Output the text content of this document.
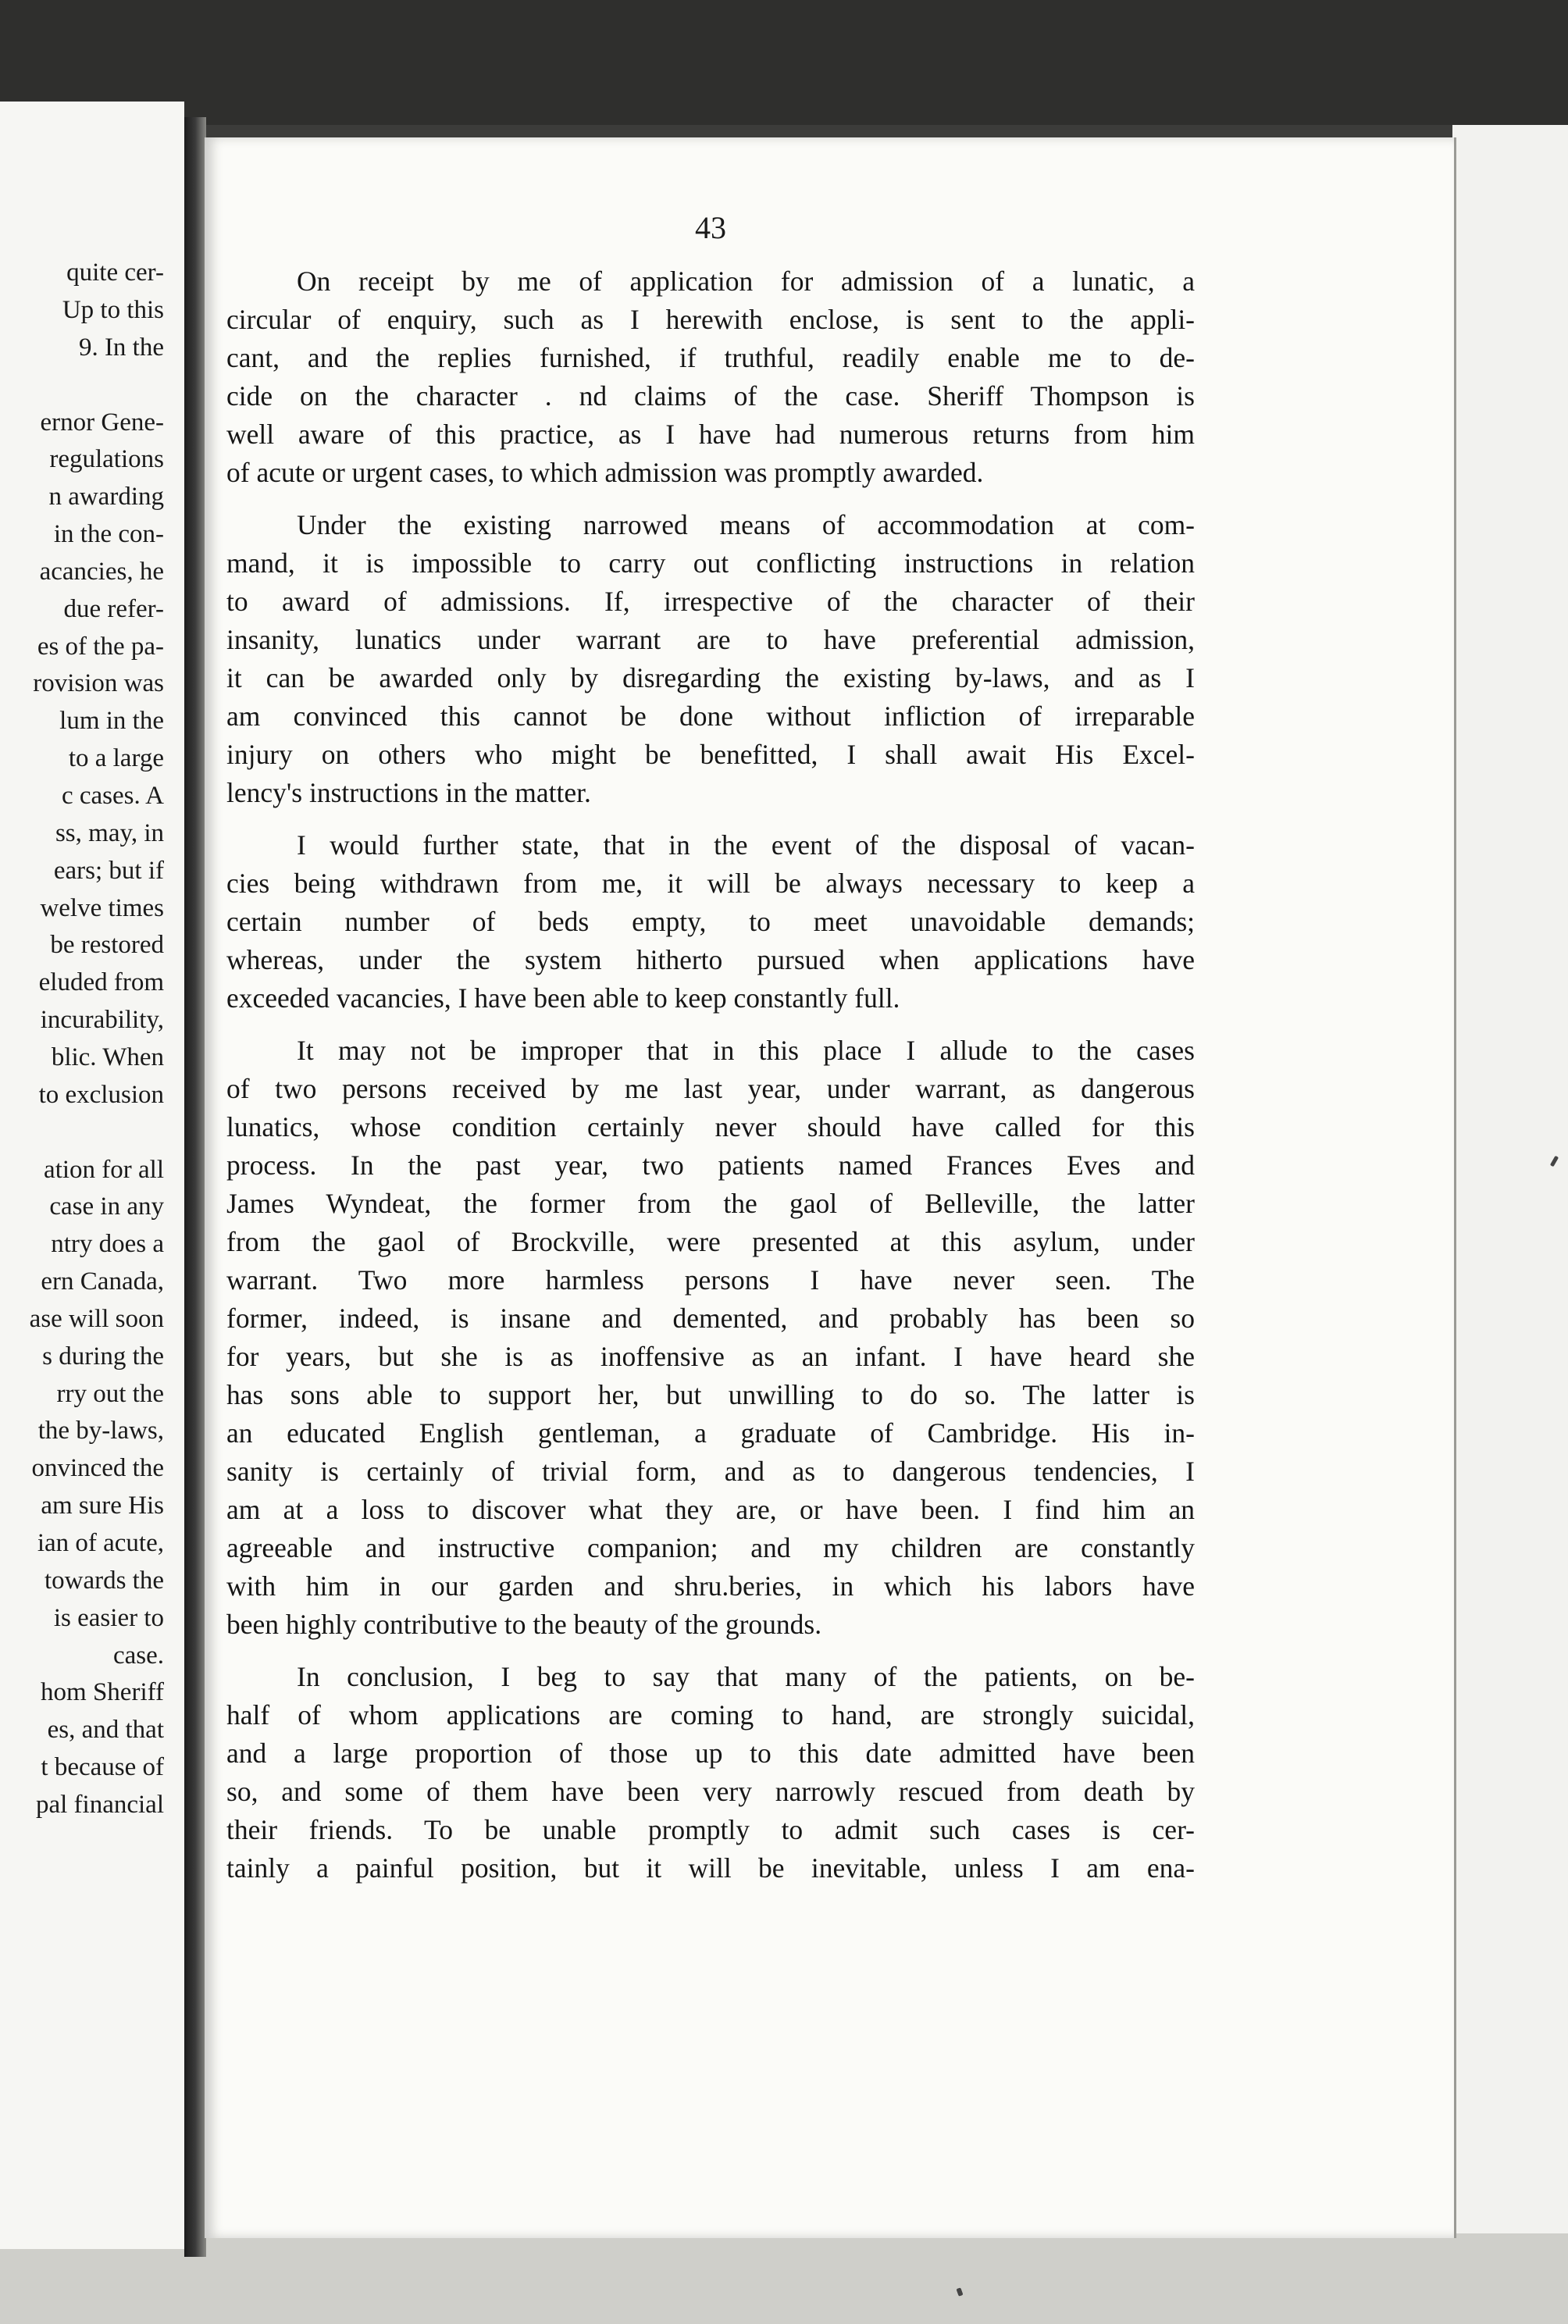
quite cer-
Up to this
9. In the
ernor Gene-
regulations
n awarding
in the con-
acancies, he
due refer-
es of the pa-
rovision was
lum in the
to a large
c cases. A
ss, may, in
ears; but if
welve times
be restored
eluded from
incurability,
blic. When
to exclusion
ation for all
case in any
ntry does a
ern Canada,
ase will soon
s during the
rry out the
the by-laws,
onvinced the
am sure His
ian of acute,
towards the
is easier to
case.
hom Sheriff
es, and that
t because of
pal financial
43
On receipt by me of application for admission of a lunatic, a
circular of enquiry, such as I herewith enclose, is sent to the appli-
cant, and the replies furnished, if truthful, readily enable me to de-
cide on the character . nd claims of the case. Sheriff Thompson is
well aware of this practice, as I have had numerous returns from him
of acute or urgent cases, to which admission was promptly awarded.
Under the existing narrowed means of accommodation at com-
mand, it is impossible to carry out conflicting instructions in relation
to award of admissions. If, irrespective of the character of their
insanity, lunatics under warrant are to have preferential admission,
it can be awarded only by disregarding the existing by-laws, and as I
am convinced this cannot be done without infliction of irreparable
injury on others who might be benefitted, I shall await His Excel-
lency's instructions in the matter.
I would further state, that in the event of the disposal of vacan-
cies being withdrawn from me, it will be always necessary to keep a
certain number of beds empty, to meet unavoidable demands;
whereas, under the system hitherto pursued when applications have
exceeded vacancies, I have been able to keep constantly full.
It may not be improper that in this place I allude to the cases
of two persons received by me last year, under warrant, as dangerous
lunatics, whose condition certainly never should have called for this
process. In the past year, two patients named Frances Eves and
James Wyndeat, the former from the gaol of Belleville, the latter
from the gaol of Brockville, were presented at this asylum, under
warrant. Two more harmless persons I have never seen. The
former, indeed, is insane and demented, and probably has been so
for years, but she is as inoffensive as an infant. I have heard she
has sons able to support her, but unwilling to do so. The latter is
an educated English gentleman, a graduate of Cambridge. His in-
sanity is certainly of trivial form, and as to dangerous tendencies, I
am at a loss to discover what they are, or have been. I find him an
agreeable and instructive companion; and my children are constantly
with him in our garden and shru.beries, in which his labors have
been highly contributive to the beauty of the grounds.
In conclusion, I beg to say that many of the patients, on be-
half of whom applications are coming to hand, are strongly suicidal,
and a large proportion of those up to this date admitted have been
so, and some of them have been very narrowly rescued from death by
their friends. To be unable promptly to admit such cases is cer-
tainly a painful position, but it will be inevitable, unless I am ena-
